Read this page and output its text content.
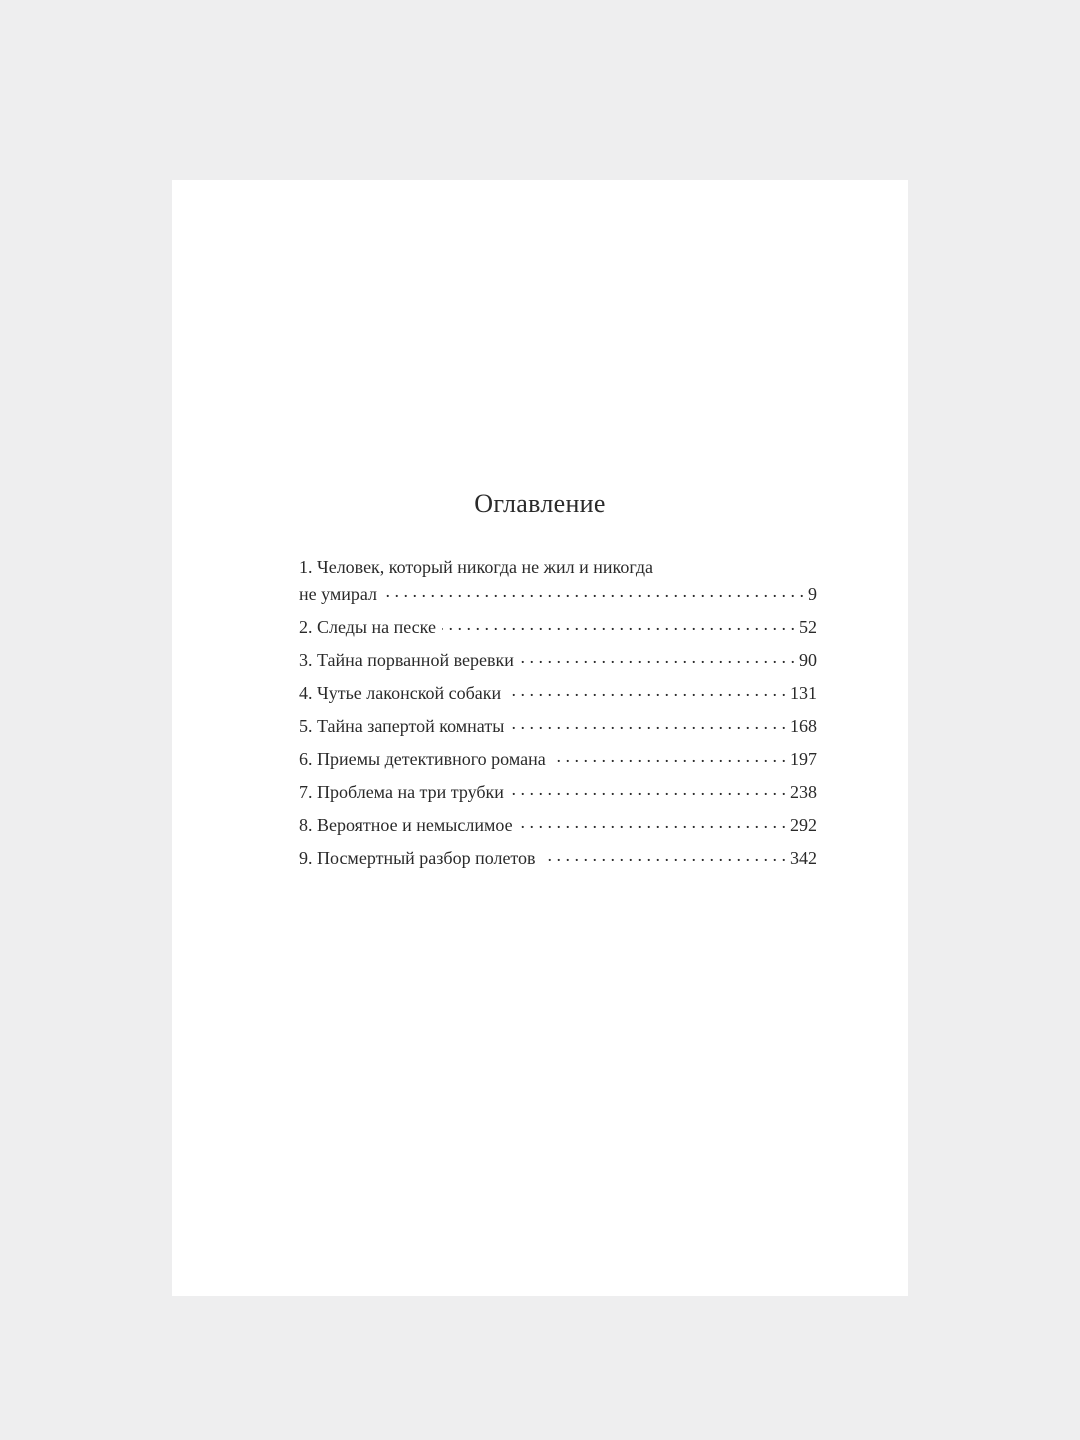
Оглавление
1. Человек, который никогда не жил и никогда
не умирал . . .	9
2. Следы на песке . . .	52
3. Тайна порванной веревки . . .	90
4. Чутье лаконской собаки . . .	131
5. Тайна запертой комнаты . . .	168
6. Приемы детективного романа . . .	197
7. Проблема на три трубки . . .	238
8. Вероятное и немыслимое . . .	292
9. Посмертный разбор полетов . . .	342
